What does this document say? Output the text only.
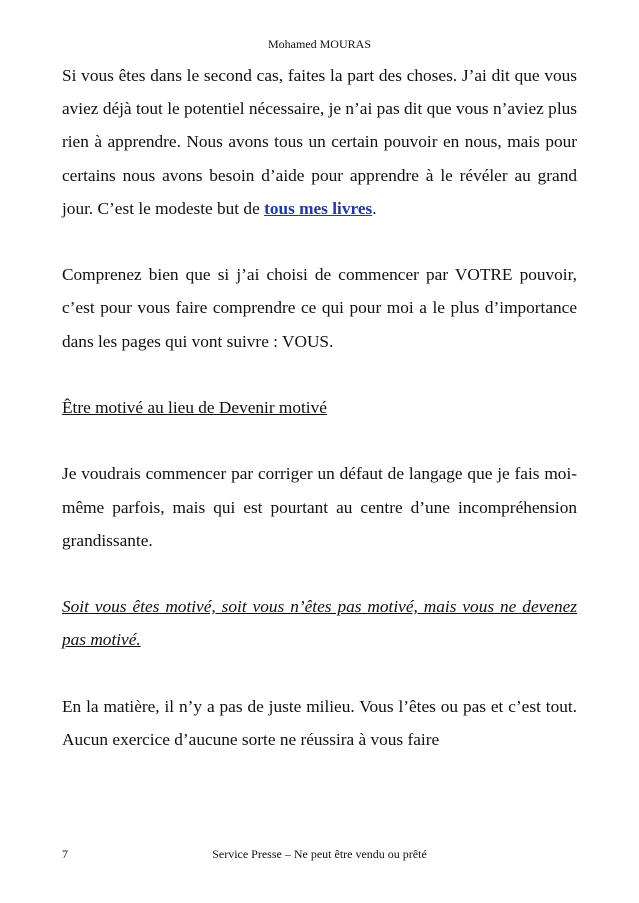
Mohamed MOURAS

Si vous êtes dans le second cas, faites la part des choses. J’ai dit que vous aviez déjà tout le potentiel nécessaire, je n’ai pas dit que vous n’aviez plus rien à apprendre. Nous avons tous un certain pouvoir en nous, mais pour certains nous avons besoin d’aide pour apprendre à le révéler au grand jour. C’est le modeste but de tous mes livres.

Comprenez bien que si j’ai choisi de commencer par VOTRE pouvoir, c’est pour vous faire comprendre ce qui pour moi a le plus d’importance dans les pages qui vont suivre : VOUS.

Être motivé au lieu de Devenir motivé

Je voudrais commencer par corriger un défaut de langage que je fais moi-même parfois, mais qui est pourtant au centre d’une incompréhension grandissante.

Soit vous êtes motivé, soit vous n’êtes pas motivé, mais vous ne devenez pas motivé.

En la matière, il n’y a pas de juste milieu. Vous l’êtes ou pas et c’est tout. Aucun exercice d’aucune sorte ne réussira à vous faire

7	Service Presse – Ne peut être vendu ou prêté
